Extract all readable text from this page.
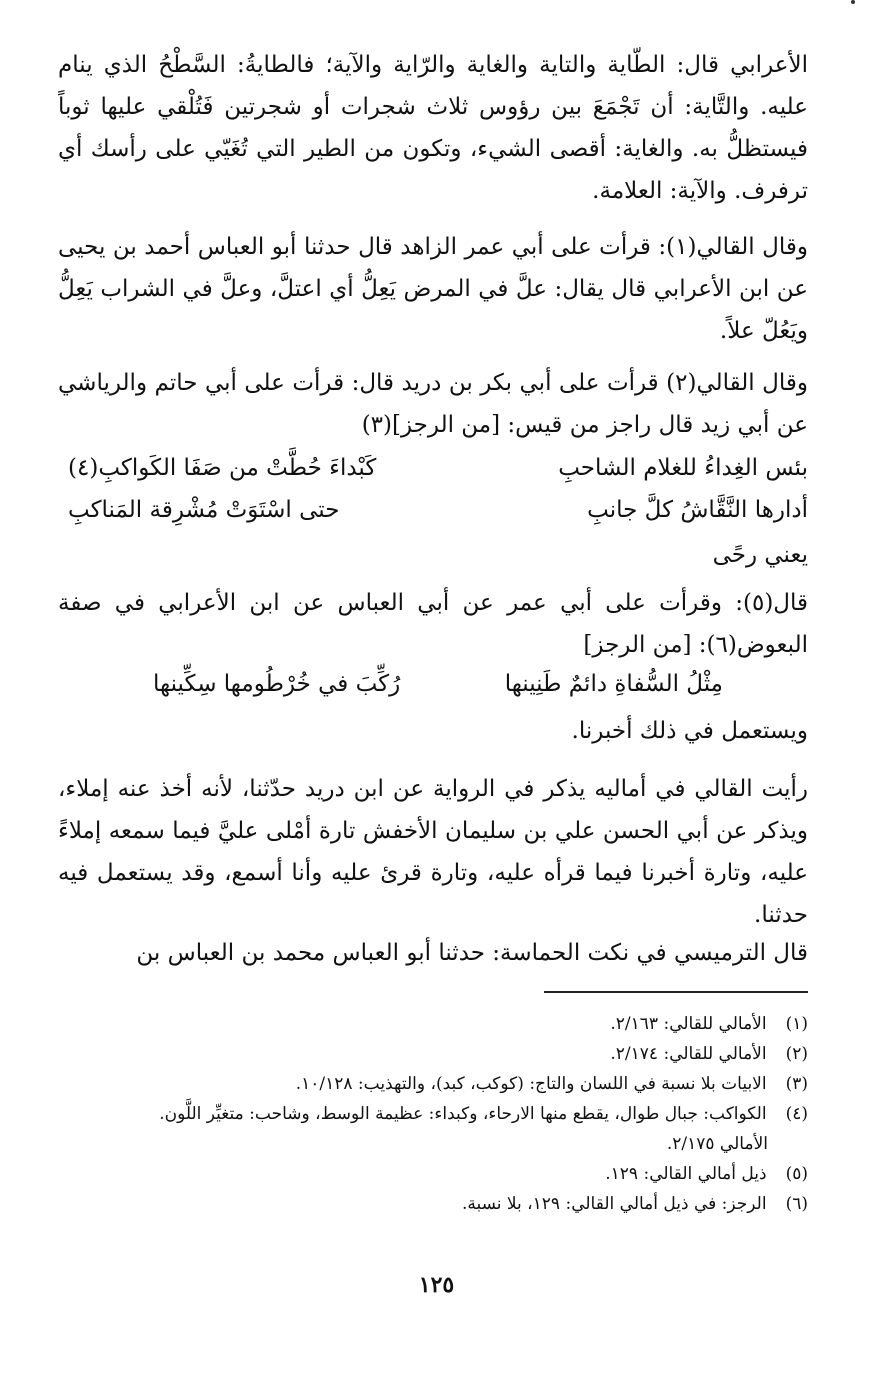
الأعرابي قال: الطّاية والتاية والغاية والرّاية والآية؛ فالطايةُ: السَّطْحُ الذي ينام عليه. والتَّاية: أن تَجْمَعَ بين رؤوس ثلاث شجرات أو شجرتين فَتُلْقي عليها ثوباً فيستظلُّ به. والغاية: أقصى الشيء، وتكون من الطير التي تُغَيّي على رأسك أي ترفرف. والآية: العلامة.
وقال القالي(١): قرأت على أبي عمر الزاهد قال حدثنا أبو العباس أحمد بن يحيى عن ابن الأعرابي قال يقال: علَّ في المرض يَعِلُّ أي اعتلَّ، وعلَّ في الشراب يَعِلُّ ويَعُلّ علاً.
وقال القالي(٢) قرأت على أبي بكر بن دريد قال: قرأت على أبي حاتم والرياشي عن أبي زيد قال راجز من قيس: [من الرجز](٣)
بئس الغِداءُ للغلام الشاحبِ
كَبْداءَ حُطَّتْ من صَفَا الكَواكبِ(٤)
أدارها النَّقَّاشُ كلَّ جانبِ
حتى اسْتَوَتْ مُشْرِقة المَناكبِ
يعني رحًى
قال(٥): وقرأت على أبي عمر عن أبي العباس عن ابن الأعرابي في صفة البعوض(٦): [من الرجز]
مِثْلُ السُّفاةِ دائمٌ طَنِينها
رُكِّبَ في خُرْطُومها سِكِّينها
ويستعمل في ذلك أخبرنا.
رأيت القالي في أماليه يذكر في الرواية عن ابن دريد حدّثنا، لأنه أخذ عنه إملاء، ويذكر عن أبي الحسن علي بن سليمان الأخفش تارة أمْلى عليَّ فيما سمعه إملاءً عليه، وتارة أخبرنا فيما قرأه عليه، وتارة قرئ عليه وأنا أسمع، وقد يستعمل فيه حدثنا.
قال الترميسي في نكت الحماسة: حدثنا أبو العباس محمد بن العباس بن
(١) الأمالي للقالي: ٢/١٦٣.
(٢) الأمالي للقالي: ٢/١٧٤.
(٣) الابيات بلا نسبة في اللسان والتاج: (كوكب، كبد)، والتهذيب: ١٠/١٢٨.
(٤) الكواكب: جبال طوال، يقطع منها الارحاء، وكبداء: عظيمة الوسط، وشاحب: متغيِّر اللَّون.
الأمالي ٢/١٧٥.
(٥) ذيل أمالي القالي: ١٢٩.
(٦) الرجز: في ذيل أمالي القالي: ١٢٩، بلا نسبة.
١٢٥
